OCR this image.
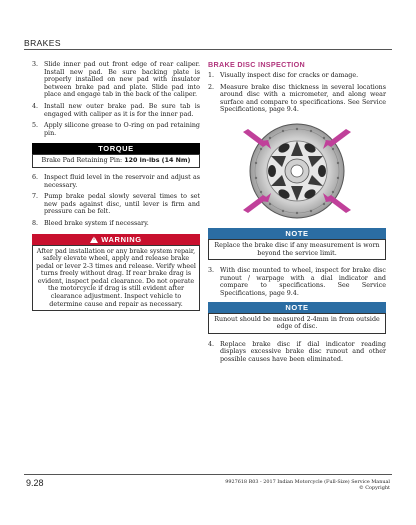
BRAKES
3. Slide inner pad out front edge of rear caliper. Install new pad. Be sure backing plate is properly installed on new pad with insulator between brake pad and plate. Slide pad into place and engage tab in the back of the caliper.
4. Install new outer brake pad. Be sure tab is engaged with caliper as it is for the inner pad.
5. Apply silicone grease to O-ring on pad retaining pin.
TORQUE
Brake Pad Retaining Pin: 120 in-lbs (14 Nm)
6. Inspect fluid level in the reservoir and adjust as necessary.
7. Pump brake pedal slowly several times to set new pads against disc, until lever is firm and pressure can be felt.
8. Bleed brake system if necessary.
!WARNING
After pad installation or any brake system repair, safely elevate wheel, apply and release brake pedal or lever 2-3 times and release. Verify wheel turns freely without drag. If rear brake drag is evident, inspect pedal clearance. Do not operate the motorcycle if drag is still evident after clearance adjustment. Inspect vehicle to determine cause and repair as necessary.
BRAKE DISC INSPECTION
1. Visually inspect disc for cracks or damage.
2. Measure brake disc thickness in several locations around disc with a micrometer, and along wear surface and compare to specifications. See Service Specifications, page 9.4.
NOTE
Replace the brake disc if any measurement is worn beyond the service limit.
3. With disc mounted to wheel, inspect for brake disc runout / warpage with a dial indicator and compare to specifications. See Service Specifications, page 9.4.
NOTE
Runout should be measured 2-4mm in from outside edge of disc.
4. Replace brake disc if dial indicator reading displays excessive brake disc runout and other possible causes have been eliminated.
9.28	9927618 R03 - 2017 Indian Motorcycle (Full-Size) Service Manual
© Copyright
